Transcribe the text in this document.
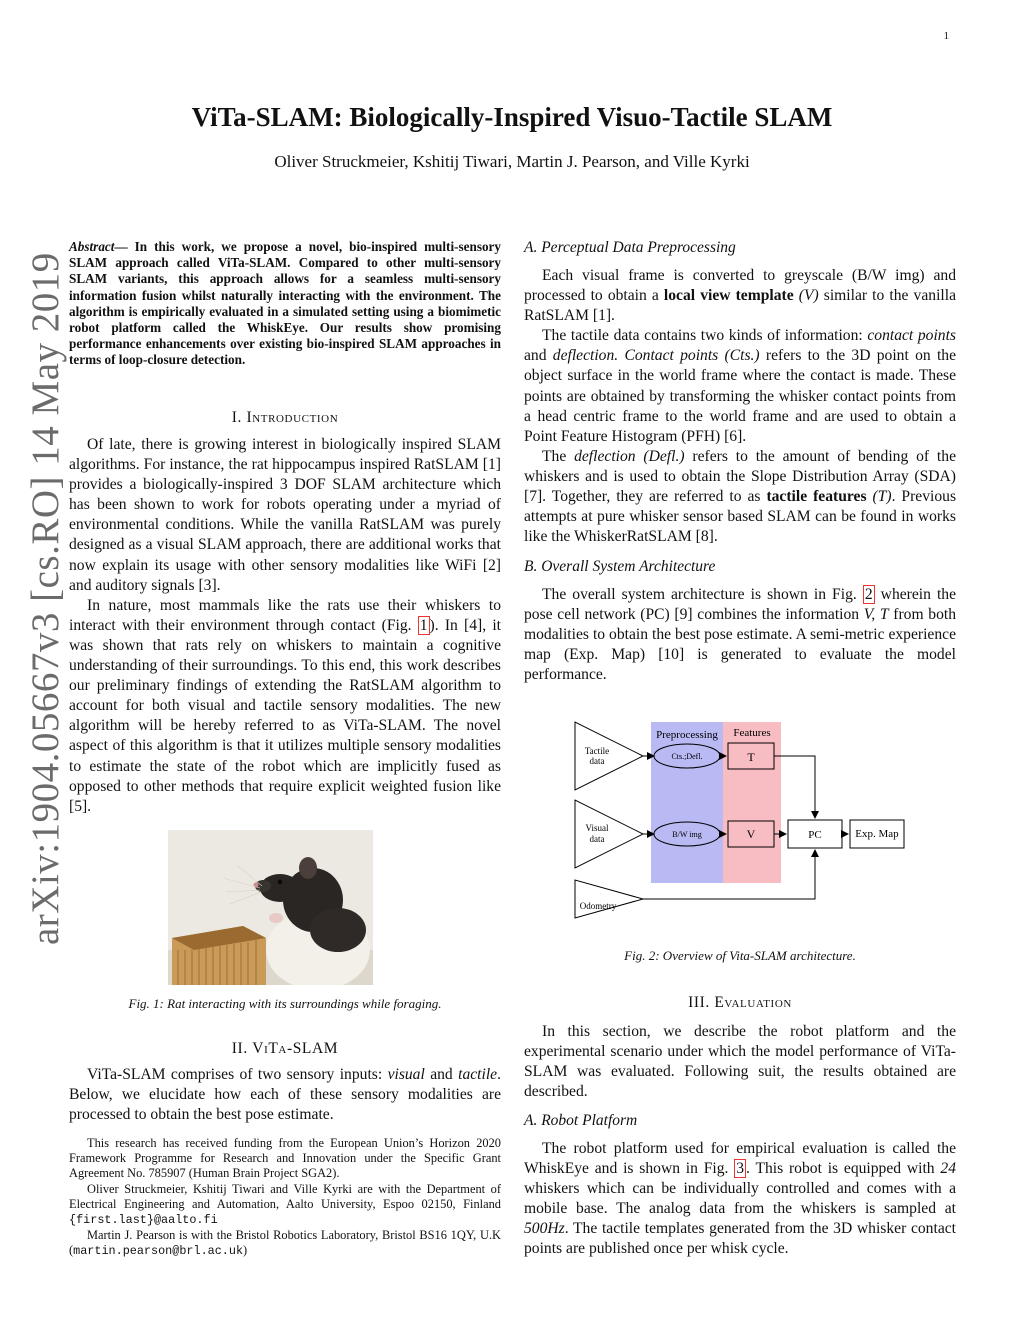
1
arXiv:1904.05667v3 [cs.RO] 14 May 2019
ViTa-SLAM: Biologically-Inspired Visuo-Tactile SLAM
Oliver Struckmeier, Kshitij Tiwari, Martin J. Pearson, and Ville Kyrki
Abstract— In this work, we propose a novel, bio-inspired multi-sensory SLAM approach called ViTa-SLAM. Compared to other multi-sensory SLAM variants, this approach allows for a seamless multi-sensory information fusion whilst naturally interacting with the environment. The algorithm is empirically evaluated in a simulated setting using a biomimetic robot platform called the WhiskEye. Our results show promising performance enhancements over existing bio-inspired SLAM approaches in terms of loop-closure detection.
I. Introduction

Of late, there is growing interest in biologically inspired SLAM algorithms. For instance, the rat hippocampus inspired RatSLAM [1] provides a biologically-inspired 3 DOF SLAM architecture which has been shown to work for robots operating under a myriad of environmental conditions. While the vanilla RatSLAM was purely designed as a visual SLAM approach, there are additional works that now explain its usage with other sensory modalities like WiFi [2] and auditory signals [3].

In nature, most mammals like the rats use their whiskers to interact with their environment through contact (Fig. 1 ). In [4], it was shown that rats rely on whiskers to maintain a cognitive understanding of their surroundings. To this end, this work describes our preliminary findings of extending the RatSLAM algorithm to account for both visual and tactile sensory modalities. The new algorithm will be hereby referred to as ViTa-SLAM. The novel aspect of this algorithm is that it utilizes multiple sensory modalities to estimate the state of the robot which are implicitly fused as opposed to other methods that require explicit weighted fusion like [5].

Fig. 1: Rat interacting with its surroundings while foraging.
II. ViTa-SLAM

ViTa-SLAM comprises of two sensory inputs: visual and tactile. Below, we elucidate how each of these sensory modalities are processed to obtain the best pose estimate.

This research has received funding from the European Union’s Horizon 2020 Framework Programme for Research and Innovation under the Specific Grant Agreement No. 785907 (Human Brain Project SGA2).

Oliver Struckmeier, Kshitij Tiwari and Ville Kyrki are with the Department of Electrical Engineering and Automation, Aalto University, Espoo 02150, Finland {first.last}@aalto.fi

Martin J. Pearson is with the Bristol Robotics Laboratory, Bristol BS16 1QY, U.K (martin.pearson@brl.ac.uk)

A. Perceptual Data Preprocessing

Each visual frame is converted to greyscale (B/W img) and processed to obtain a local view template (V) similar to the vanilla RatSLAM [1].

The tactile data contains two kinds of information: contact points and deflection. Contact points (Cts.) refers to the 3D point on the object surface in the world frame where the contact is made. These points are obtained by transforming the whisker contact points from a head centric frame to the world frame and are used to obtain a Point Feature Histogram (PFH) [6].

The deflection (Defl.) refers to the amount of bending of the whiskers and is used to obtain the Slope Distribution Array (SDA) [7]. Together, they are referred to as tactile features (T). Previous attempts at pure whisker sensor based SLAM can be found in works like the WhiskerRatSLAM [8].

B. Overall System Architecture

The overall system architecture is shown in Fig. 2 wherein the pose cell network (PC) [9] combines the information V, T from both modalities to obtain the best pose estimate. A semi-metric experience map (Exp. Map) [10] is generated to evaluate the model performance.

Preprocessing Features
Tactile
data	Cts.;Defl.	T
Visual
data	B/W img	V	PC	Exp. Map
Odometry
Fig. 2: Overview of Vita-SLAM architecture.
III. Evaluation

In this section, we describe the robot platform and the experimental scenario under which the model performance of ViTa-SLAM was evaluated. Following suit, the results obtained are described.

A. Robot Platform

The robot platform used for empirical evaluation is called the WhiskEye and is shown in Fig. 3 . This robot is equipped with 24 whiskers which can be individually controlled and comes with a mobile base. The analog data from the whiskers is sampled at 500Hz. The tactile templates generated from the 3D whisker contact points are published once per whisk cycle.
